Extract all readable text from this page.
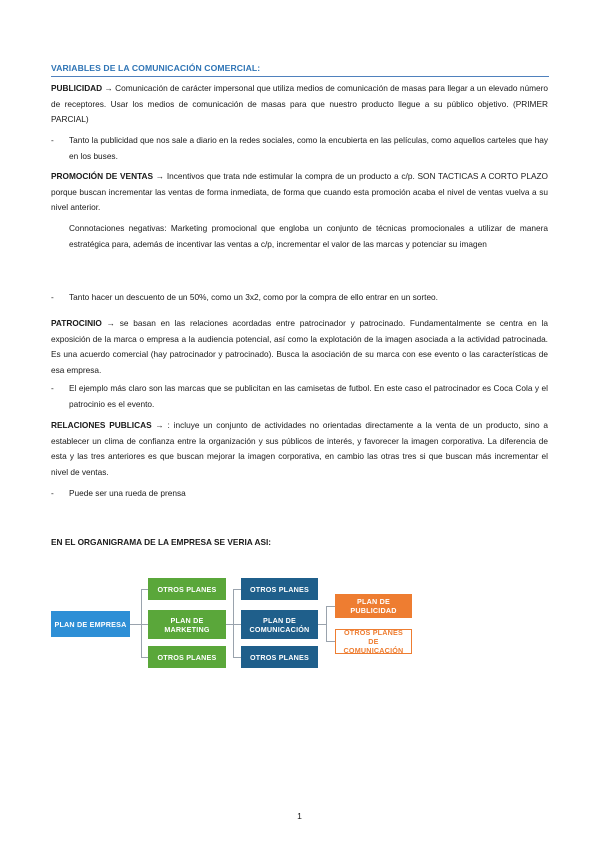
VARIABLES DE LA COMUNICACIÓN COMERCIAL:
PUBLICIDAD → Comunicación de carácter impersonal que utiliza medios de comunicación de masas para llegar a un elevado número de receptores. Usar los medios de comunicación de masas para que nuestro producto llegue a su público objetivo. (PRIMER PARCIAL)
- Tanto la publicidad que nos sale a diario en la redes sociales, como la encubierta en las películas, como aquellos carteles que hay en los buses.
PROMOCIÓN DE VENTAS → Incentivos que trata nde estimular la compra de un producto a c/p. SON TACTICAS A CORTO PLAZO porque buscan incrementar las ventas de forma inmediata, de forma que cuando esta promoción acaba el nivel de ventas vuelva a su nivel anterior.
Connotaciones negativas: Marketing promocional que engloba un conjunto de técnicas promocionales a utilizar de manera estratégica para, además de incentivar las ventas a c/p, incrementar el valor de las marcas y potenciar su imagen
- Tanto hacer un descuento de un 50%, como un 3x2, como por la compra de ello entrar en un sorteo.
PATROCINIO → se basan en las relaciones acordadas entre patrocinador y patrocinado. Fundamentalmente se centra en la exposición de la marca o empresa a la audiencia potencial, así como la explotación de la imagen asociada a la actividad patrocinada. Es una acuerdo comercial (hay patrocinador y patrocinado). Busca la asociación de su marca con ese evento o las características de esa empresa.
- El ejemplo más claro son las marcas que se publicitan en las camisetas de futbol. En este caso el patrocinador es Coca Cola y el patrocinio es el evento.
RELACIONES PUBLICAS → : incluye un conjunto de actividades no orientadas directamente a la venta de un producto, sino a establecer un clima de confianza entre la organización y sus públicos de interés, y favorecer la imagen corporativa. La diferencia de esta y las tres anteriores es que buscan mejorar la imagen corporativa, en cambio las otras tres si que buscan más incrementar el nivel de ventas.
- Puede ser una rueda de prensa
EN EL ORGANIGRAMA DE LA EMPRESA SE VERIA ASI:
PLAN DE EMPRESA
OTROS PLANES
PLAN DE MARKETING
OTROS PLANES
OTROS PLANES
PLAN DE COMUNICACIÓN
OTROS PLANES
PLAN DE PUBLICIDAD
OTROS PLANES DE COMUNICACIÓN
1
